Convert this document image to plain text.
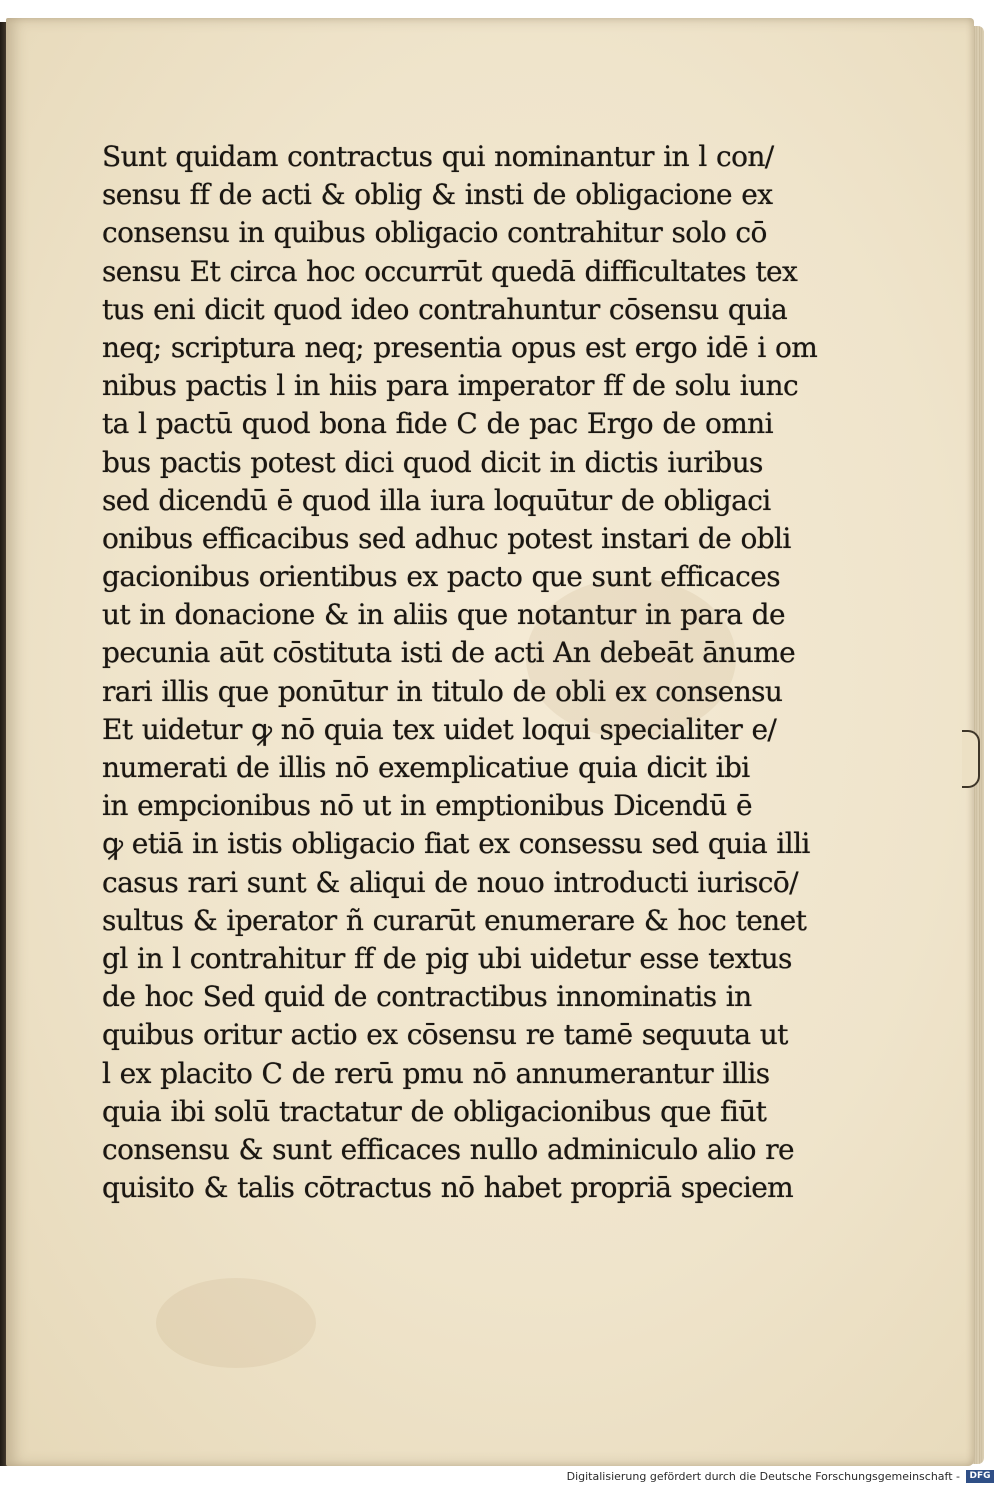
Sunt quidam contractus qui nominantur in l con/
sensu ff de acti & oblig & insti de obligacione ex
consensu in quibus obligacio contrahitur solo cō
sensu Et circa hoc occurrūt quedā difficultates tex
tus eni dicit quod ideo contrahuntur cōsensu quia
neq; scriptura neq; presentia opus est ergo idē i om
nibus pactis l in hiis para imperator ff de solu iunc
ta l pactū quod bona fide C de pac Ergo de omni
bus pactis potest dici quod dicit in dictis iuribus
sed dicendū ē quod illa iura loquūtur de obligaci
onibus efficacibus sed adhuc potest instari de obli
gacionibus orientibus ex pacto que sunt efficaces
ut in donacione & in aliis que notantur in para de
pecunia aūt cōstituta isti de acti An debeāt ānume
rari illis que ponūtur in titulo de obli ex consensu
Et uidetur ꝙ nō quia tex uidet loqui specialiter e/
numerati de illis nō exemplicatiue quia dicit ibi
in empcionibus nō ut in emptionibus Dicendū ē
ꝙ etiā in istis obligacio fiat ex consessu sed quia illi
casus rari sunt & aliqui de nouo introducti iuriscō/
sultus & iperator ñ curarūt enumerare & hoc tenet
gl in l contrahitur ff de pig ubi uidetur esse textus
de hoc Sed quid de contractibus innominatis in
quibus oritur actio ex cōsensu re tamē sequuta ut
l ex placito C de rerū pmu nō annumerantur illis
quia ibi solū tractatur de obligacionibus que fiūt
consensu & sunt efficaces nullo adminiculo alio re
quisito & talis cōtractus nō habet propriā speciem
Digitalisierung gefördert durch die Deutsche Forschungsgemeinschaft -	DFG
